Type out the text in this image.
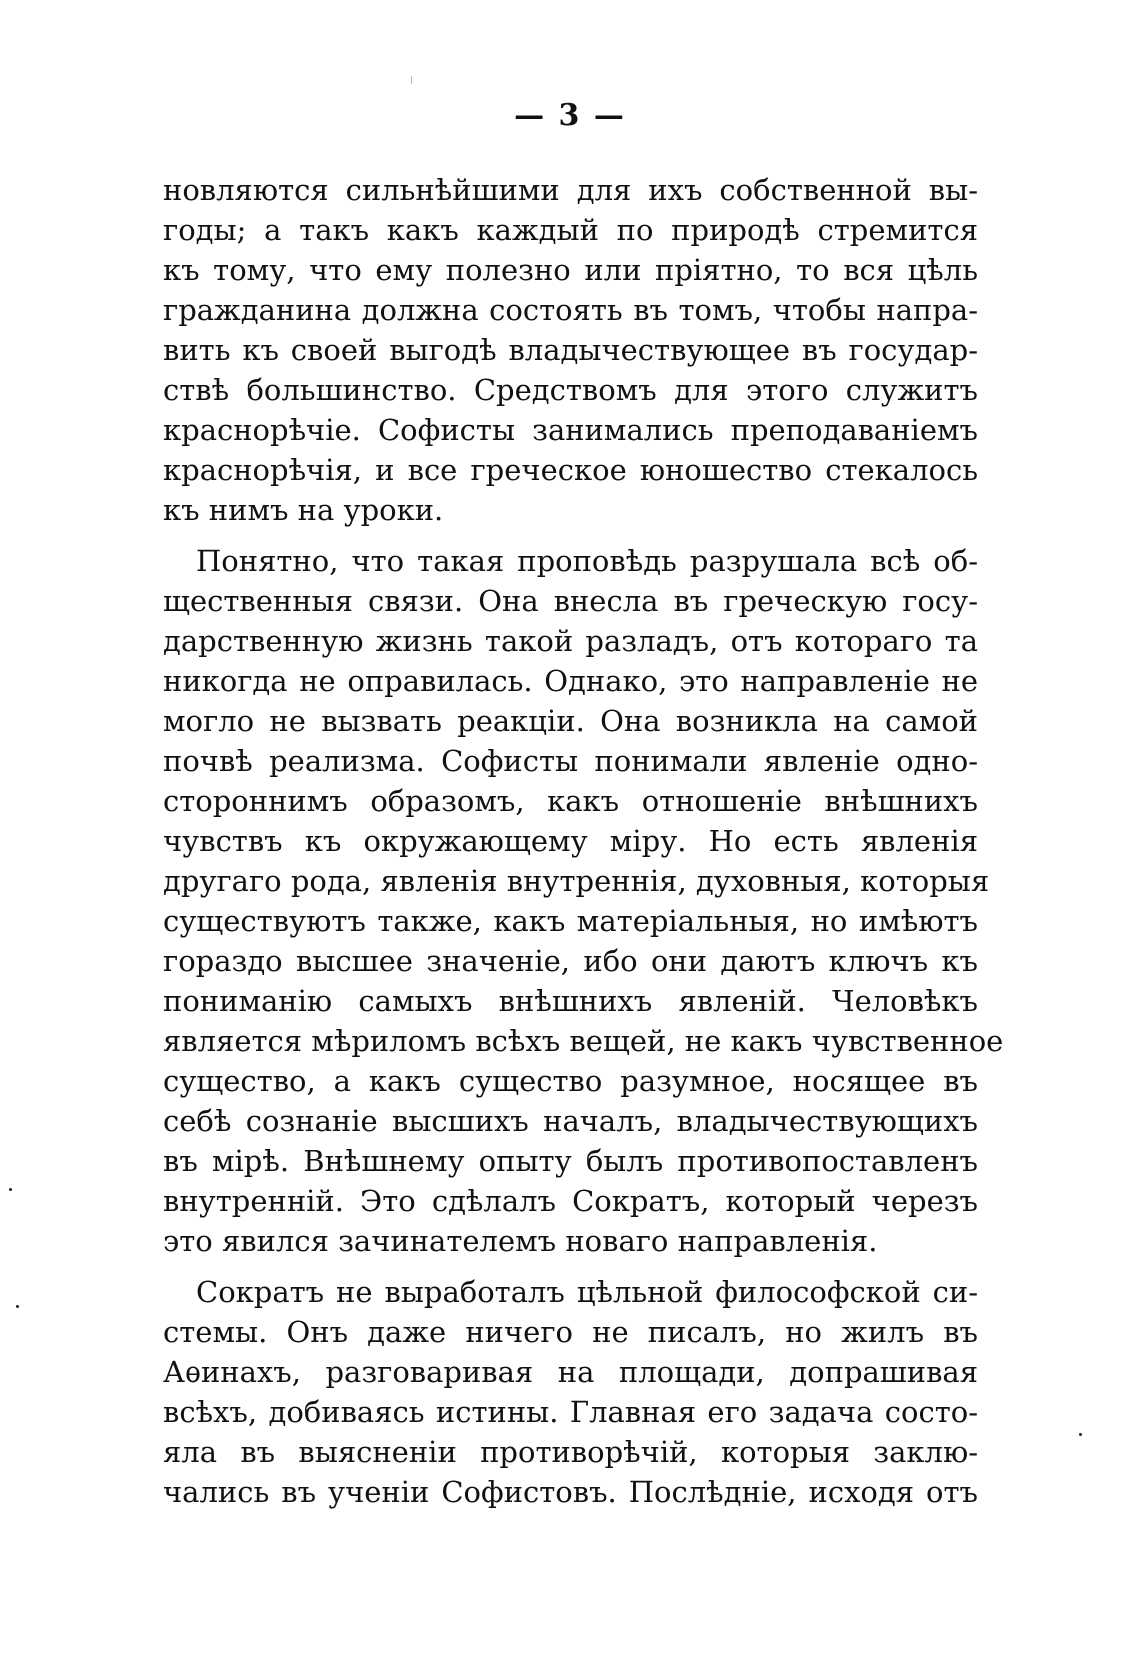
— 3 —
новляются сильнѣйшими для ихъ собственной вы-
годы; а такъ какъ каждый по природѣ стремится
къ тому, что ему полезно или пріятно, то вся цѣль
гражданина должна состоять въ томъ, чтобы напра-
вить къ своей выгодѣ владычествующее въ государ-
ствѣ большинство. Средствомъ для этого служитъ
краснорѣчіе. Софисты занимались преподаваніемъ
краснорѣчія, и все греческое юношество стекалось
къ нимъ на уроки.
Понятно, что такая проповѣдь разрушала всѣ об-
щественныя связи. Она внесла въ греческую госу-
дарственную жизнь такой разладъ, отъ котораго та
никогда не оправилась. Однако, это направленіе не
могло не вызвать реакціи. Она возникла на самой
почвѣ реализма. Софисты понимали явленіе одно-
стороннимъ образомъ, какъ отношеніе внѣшнихъ
чувствъ къ окружающему міру. Но есть явленія
другаго рода, явленія внутреннія, духовныя, которыя
существуютъ также, какъ матеріальныя, но имѣютъ
гораздо высшее значеніе, ибо они даютъ ключъ къ
пониманію самыхъ внѣшнихъ явленій. Человѣкъ
является мѣриломъ всѣхъ вещей, не какъ чувственное
существо, а какъ существо разумное, носящее въ
себѣ сознаніе высшихъ началъ, владычествующихъ
въ мірѣ. Внѣшнему опыту былъ противопоставленъ
внутренній. Это сдѣлалъ Сократъ, который черезъ
это явился зачинателемъ новаго направленія.
Сократъ не выработалъ цѣльной философской си-
стемы. Онъ даже ничего не писалъ, но жилъ въ
Аѳинахъ, разговаривая на площади, допрашивая
всѣхъ, добиваясь истины. Главная его задача состо-
яла въ выясненіи противорѣчій, которыя заклю-
чались въ ученіи Софистовъ. Послѣдніе, исходя отъ
